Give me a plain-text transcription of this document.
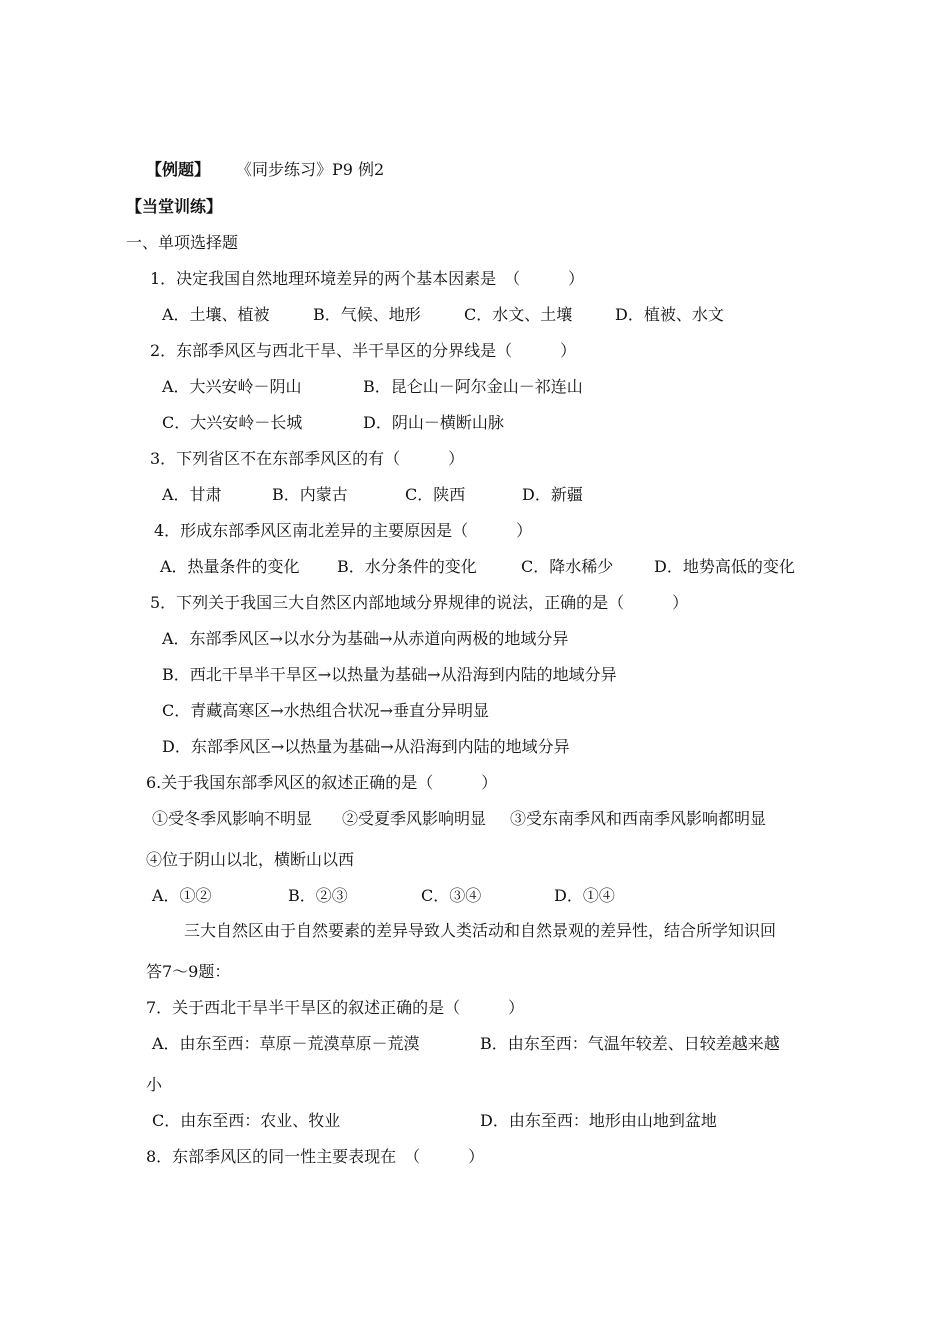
【例题】 《同步练习》P9 例2
【当堂训练】
一、单项选择题
1．决定我国自然地理环境差异的两个基本因素是　（　　　）
A．土壤、植被	B．气候、地形	C．水文、土壤	D．植被、水文
2．东部季风区与西北干旱、半干旱区的分界线是（　　　）
A．大兴安岭－阴山	B．昆仑山－阿尔金山－祁连山
C．大兴安岭－长城	D．阴山－横断山脉
3．下列省区不在东部季风区的有（　　　）
A．甘肃	B．内蒙古	C．陕西	D．新疆
4．形成东部季风区南北差异的主要原因是（　　　）
A．热量条件的变化 B．水分条件的变化	C．降水稀少	D．地势高低的变化
5．下列关于我国三大自然区内部地域分界规律的说法，正确的是（　　　）
A．东部季风区→以水分为基础→从赤道向两极的地域分异
B．西北干旱半干旱区→以热量为基础→从沿海到内陆的地域分异
C．青藏高寒区→水热组合状况→垂直分异明显
D．东部季风区→以热量为基础→从沿海到内陆的地域分异
6.关于我国东部季风区的叙述正确的是（　　　）
①受冬季风影响不明显 ②受夏季风影响明显 ③受东南季风和西南季风影响都明显
④位于阴山以北，横断山以西
A．①②	B．②③	C．③④	D．①④
三大自然区由于自然要素的差异导致人类活动和自然景观的差异性，结合所学知识回
答7～9题：
7．关于西北干旱半干旱区的叙述正确的是（　　　）
A．由东至西：草原－荒漠草原－荒漠	B．由东至西：气温年较差、日较差越来越
小
C．由东至西：农业、牧业	D．由东至西：地形由山地到盆地
8．东部季风区的同一性主要表现在　（　　　）
